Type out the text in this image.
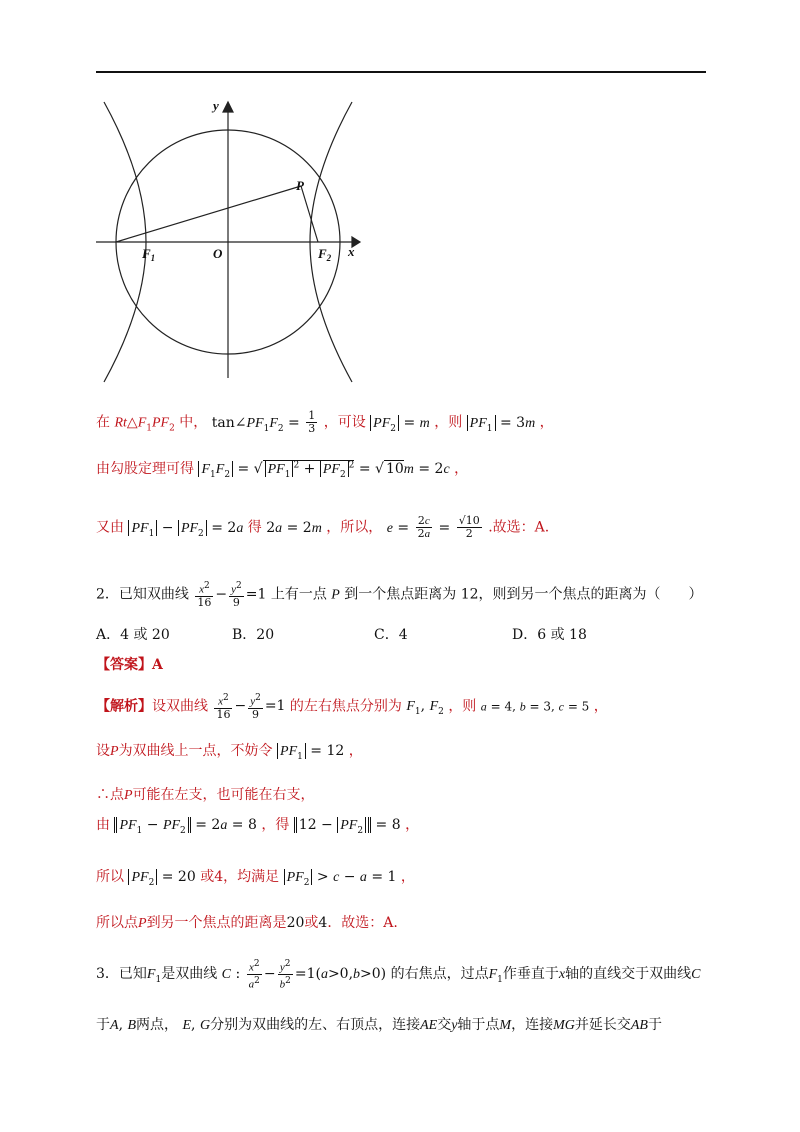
y
P
O	x
$F_1$	$F_2$
在 $Rt\triangle F_1PF_2$ 中， $\tan\angle PF_1F_2 = \frac{1}{3}$ ，可设 $PF_2 = m$ ，则 $PF_1 = 3m$ ，
由勾股定理可得 $F_1F_2$ = √ $PF_1^2 + PF_2^2$ = √ 10m = 2c ，
又由 $PF_1 - PF_2 = 2a$ 得 2a = 2m ，所以， $e = \frac{2c}{2a} = \frac{√10}{2}$ .故选：A.
2．已知双曲线 $\frac{x^2}{16} - \frac{y^2}{9} =1$ 上有一点 P 到一个焦点距离为 12，则到另一个焦点的距离为（　　）
A．4 或 20	B．20	C．4	D．6 或 18
【答案】A
【解析】设双曲线 $\frac{x^2}{16} - \frac{y^2}{9} =1$ 的左右焦点分别为 $F_1$, $F_2$ ，则 a = 4, b = 3, c = 5 ，
设P为双曲线上一点，不妨令 $PF_1 = 12$ ，
∴点P可能在左支，也可能在右支，
由 $PF_1 - PF_2 = 2a = 8$ ，得 $12 - PF_2 = 8$ ，
所以 $PF_2 = 20$ 或4，均满足 $PF_2 > c - a = 1$ ，
所以点P到另一个焦点的距离是20或4．故选：A.
3．已知$F_1$是双曲线 C : $\frac{x^2}{a^2} - \frac{y^2}{b^2} =1(a>0,b>0)$ 的右焦点，过点$F_1$作垂直于x轴的直线交于双曲线C
于A, B两点， E, G分别为双曲线的左、右顶点，连接AE交y轴于点M，连接MG并延长交AB于
